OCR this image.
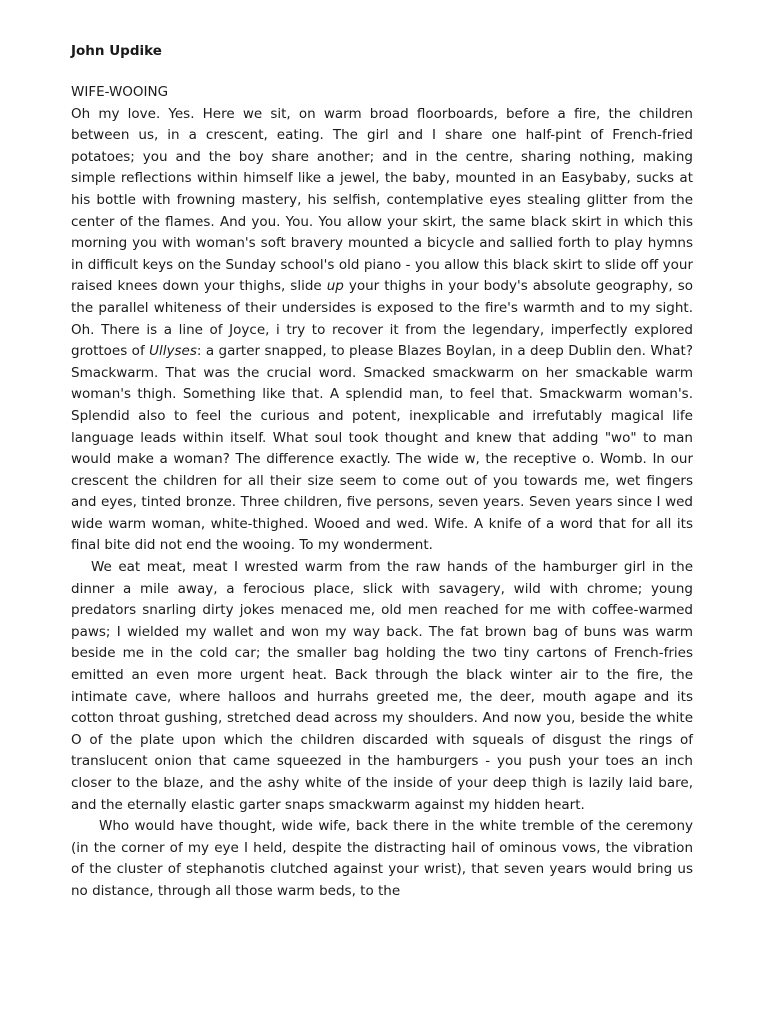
John Updike
WIFE-WOOING

Oh my love. Yes. Here we sit, on warm broad floorboards, before a fire, the children between us, in a crescent, eating. The girl and I share one half-pint of French-fried potatoes; you and the boy share another; and in the centre, sharing nothing, making simple reflections within himself like a jewel, the baby, mounted in an Easybaby, sucks at his bottle with frowning mastery, his selfish, contemplative eyes stealing glitter from the center of the flames. And you. You. You allow your skirt, the same black skirt in which this morning you with woman's soft bravery mounted a bicycle and sallied forth to play hymns in difficult keys on the Sunday school's old piano - you allow this black skirt to slide off your raised knees down your thighs, slide up your thighs in your body's absolute geography, so the parallel whiteness of their undersides is exposed to the fire's warmth and to my sight. Oh. There is a line of Joyce, i try to recover it from the legendary, imperfectly explored grottoes of Ullyses: a garter snapped, to please Blazes Boylan, in a deep Dublin den. What? Smackwarm. That was the crucial word. Smacked smackwarm on her smackable warm woman's thigh. Something like that. A splendid man, to feel that. Smackwarm woman's. Splendid also to feel the curious and potent, inexplicable and irrefutably magical life language leads within itself. What soul took thought and knew that adding "wo" to man would make a woman? The difference exactly. The wide w, the receptive o. Womb. In our crescent the children for all their size seem to come out of you towards me, wet fingers and eyes, tinted bronze. Three children, five persons, seven years. Seven years since I wed wide warm woman, white-thighed. Wooed and wed. Wife. A knife of a word that for all its final bite did not end the wooing. To my wonderment.

We eat meat, meat I wrested warm from the raw hands of the hamburger girl in the dinner a mile away, a ferocious place, slick with savagery, wild with chrome; young predators snarling dirty jokes menaced me, old men reached for me with coffee-warmed paws; I wielded my wallet and won my way back. The fat brown bag of buns was warm beside me in the cold car; the smaller bag holding the two tiny cartons of French-fries emitted an even more urgent heat. Back through the black winter air to the fire, the intimate cave, where halloos and hurrahs greeted me, the deer, mouth agape and its cotton throat gushing, stretched dead across my shoulders. And now you, beside the white O of the plate upon which the children discarded with squeals of disgust the rings of translucent onion that came squeezed in the hamburgers - you push your toes an inch closer to the blaze, and the ashy white of the inside of your deep thigh is lazily laid bare, and the eternally elastic garter snaps smackwarm against my hidden heart.

Who would have thought, wide wife, back there in the white tremble of the ceremony (in the corner of my eye I held, despite the distracting hail of ominous vows, the vibration of the cluster of stephanotis clutched against your wrist), that seven years would bring us no distance, through all those warm beds, to the
